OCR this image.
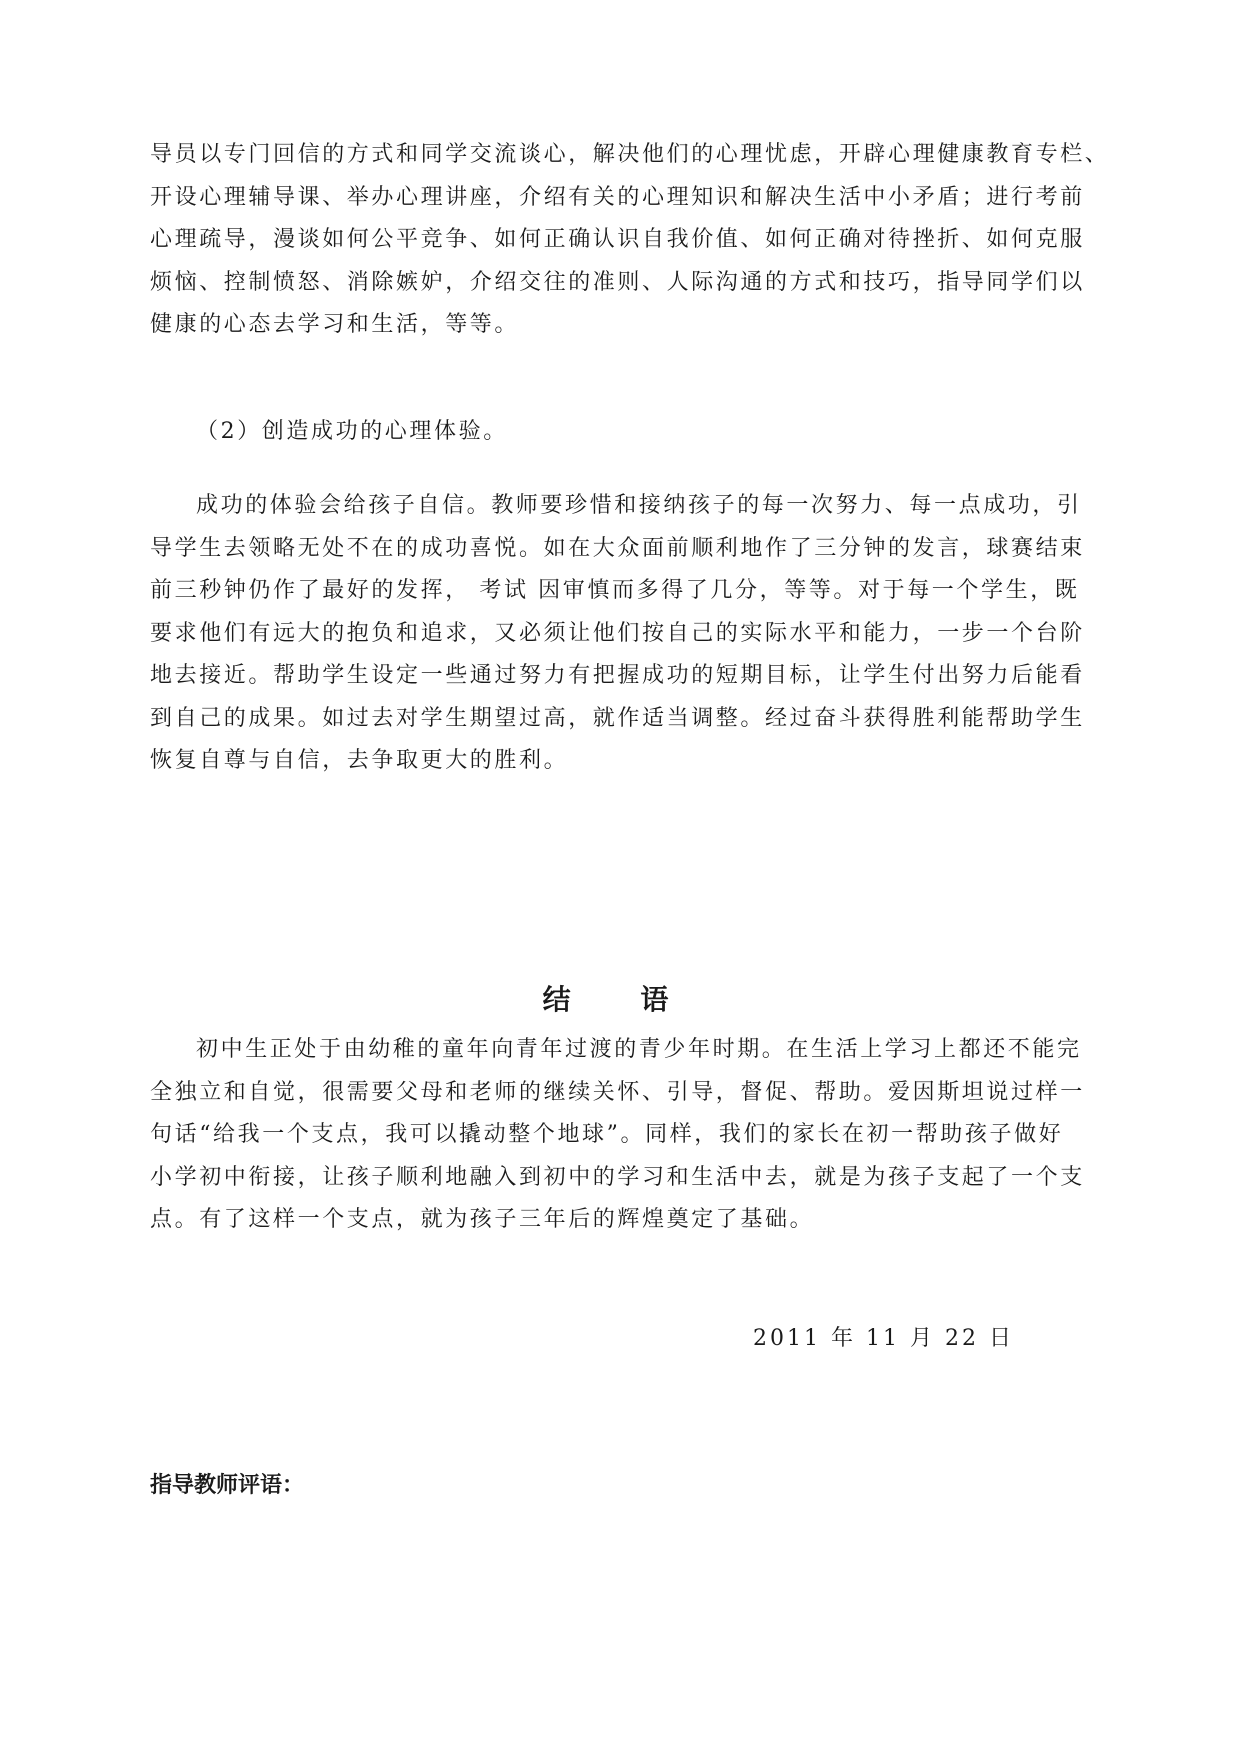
导员以专门回信的方式和同学交流谈心，解决他们的心理忧虑，开辟心理健康教育专栏、
开设心理辅导课、举办心理讲座，介绍有关的心理知识和解决生活中小矛盾；进行考前
心理疏导，漫谈如何公平竞争、如何正确认识自我价值、如何正确对待挫折、如何克服
烦恼、控制愤怒、消除嫉妒，介绍交往的准则、人际沟通的方式和技巧，指导同学们以
健康的心态去学习和生活，等等。

（2）创造成功的心理体验。

成功的体验会给孩子自信。教师要珍惜和接纳孩子的每一次努力、每一点成功，引
导学生去领略无处不在的成功喜悦。如在大众面前顺利地作了三分钟的发言，球赛结束
前三秒钟仍作了最好的发挥， 考试 因审慎而多得了几分，等等。对于每一个学生，既
要求他们有远大的抱负和追求，又必须让他们按自己的实际水平和能力，一步一个台阶
地去接近。帮助学生设定一些通过努力有把握成功的短期目标，让学生付出努力后能看
到自己的成果。如过去对学生期望过高，就作适当调整。经过奋斗获得胜利能帮助学生
恢复自尊与自信，去争取更大的胜利。

结 语

初中生正处于由幼稚的童年向青年过渡的青少年时期。在生活上学习上都还不能完
全独立和自觉，很需要父母和老师的继续关怀、引导，督促、帮助。爱因斯坦说过样一
句话“给我一个支点，我可以撬动整个地球”。同样，我们的家长在初一帮助孩子做好
小学初中衔接，让孩子顺利地融入到初中的学习和生活中去，就是为孩子支起了一个支
点。有了这样一个支点，就为孩子三年后的辉煌奠定了基础。

2011 年 11 月 22 日

指导教师评语：
